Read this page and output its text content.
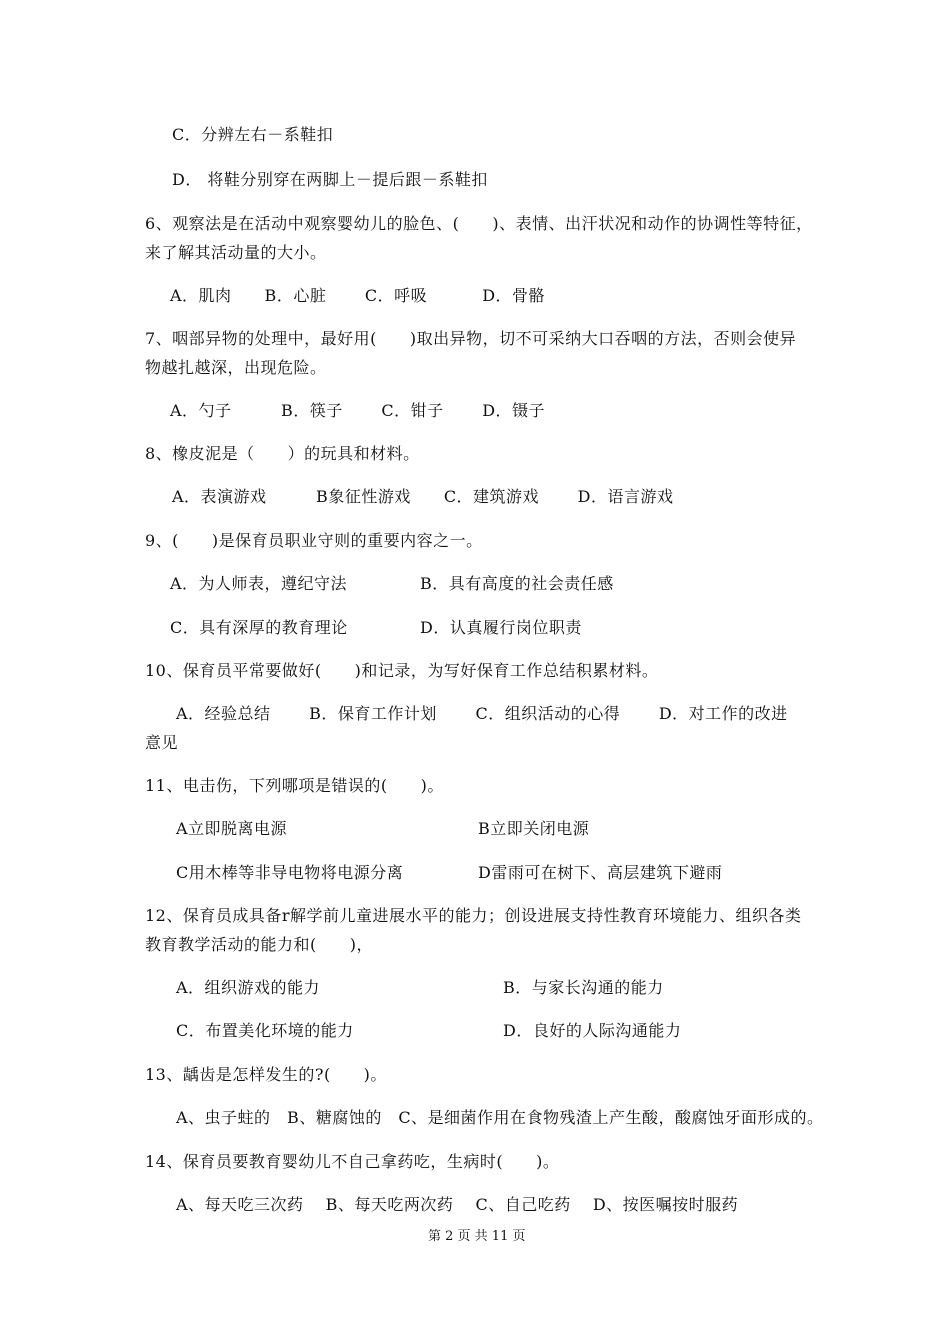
C．分辨左右－系鞋扣
D． 将鞋分别穿在两脚上－提后跟－系鞋扣
6、观察法是在活动中观察婴幼儿的脸色、(　　)、表情、出汗状况和动作的协调性等特征，
来了解其活动量的大小。
A．肌肉　　B．心脏　　 C．呼吸　　　 D．骨骼
7、咽部异物的处理中，最好用(　　)取出异物，切不可采纳大口吞咽的方法，否则会使异
物越扎越深，出现危险。
A．勺子　　　B．筷子　　 C．钳子　　 D．镊子
8、橡皮泥是（　　）的玩具和材料。
A．表演游戏　　　B象征性游戏　　C．建筑游戏　　 D．语言游戏
9、(　　)是保育员职业守则的重要内容之一。
A．为人师表，遵纪守法	B．具有高度的社会责任感
C．具有深厚的教育理论	D．认真履行岗位职责
10、保育员平常要做好(　　)和记录，为写好保育工作总结积累材料。
A．经验总结　　 B．保育工作计划　　 C．组织活动的心得　　 D．对工作的改进
意见
11、电击伤，下列哪项是错误的(　　)。
A立即脱离电源	B立即关闭电源
C用木棒等非导电物将电源分离	D雷雨可在树下、高层建筑下避雨
12、保育员成具备r解学前儿童进展水平的能力；创设进展支持性教育环境能力、组织各类
教育教学活动的能力和(　　)，
A．组织游戏的能力	B．与家长沟通的能力
C．布置美化环境的能力	D．良好的人际沟通能力
13、龋齿是怎样发生的?(　　)。
A、虫子蛀的　B、糖腐蚀的　C、是细菌作用在食物残渣上产生酸，酸腐蚀牙面形成的。
14、保育员要教育婴幼儿不自己拿药吃，生病时(　　)。
A、每天吃三次药　 B、每天吃两次药　 C、自己吃药　 D、按医嘱按时服药
第 2 页 共 11 页
